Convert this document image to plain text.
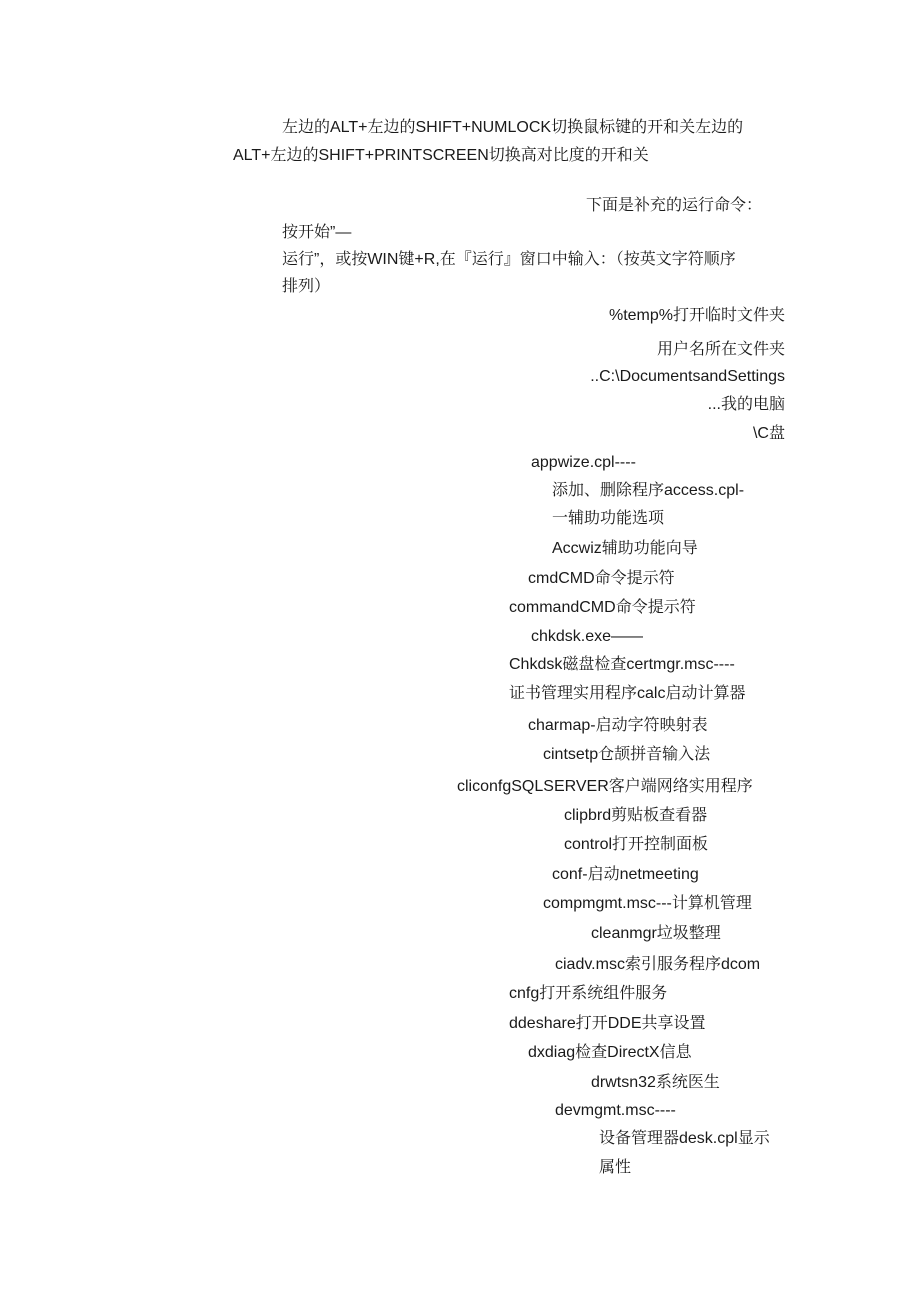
左边的ALT+左边的SHIFT+NUMLOCK切换鼠标键的开和关左边的
ALT+左边的SHIFT+PRINTSCREEN切换高对比度的开和关
下面是补充的运行命令：
按开始”—
运行”，或按WIN键+R,在『运行』窗口中输入：（按英文字符顺序
排列）
%temp%打开临时文件夹
用户名所在文件夹
..C:\DocumentsandSettings
...我的电脑
\C盘
appwize.cpl----
添加、删除程序access.cpl-
一辅助功能选项
Accwiz辅助功能向导
cmdCMD命令提示符
commandCMD命令提示符
chkdsk.exe——
Chkdsk磁盘检查certmgr.msc----
证书管理实用程序calc启动计算器
charmap-启动字符映射表
cintsetp仓颉拼音输入法
cliconfgSQLSERVER客户端网络实用程序
clipbrd剪贴板查看器
control打开控制面板
conf-启动netmeeting
compmgmt.msc---计算机管理
cleanmgr垃圾整理
ciadv.msc索引服务程序dcom
cnfg打开系统组件服务
ddeshare打开DDE共享设置
dxdiag检查DirectX信息
drwtsn32系统医生
devmgmt.msc----
设备管理器desk.cpl显示
属性
